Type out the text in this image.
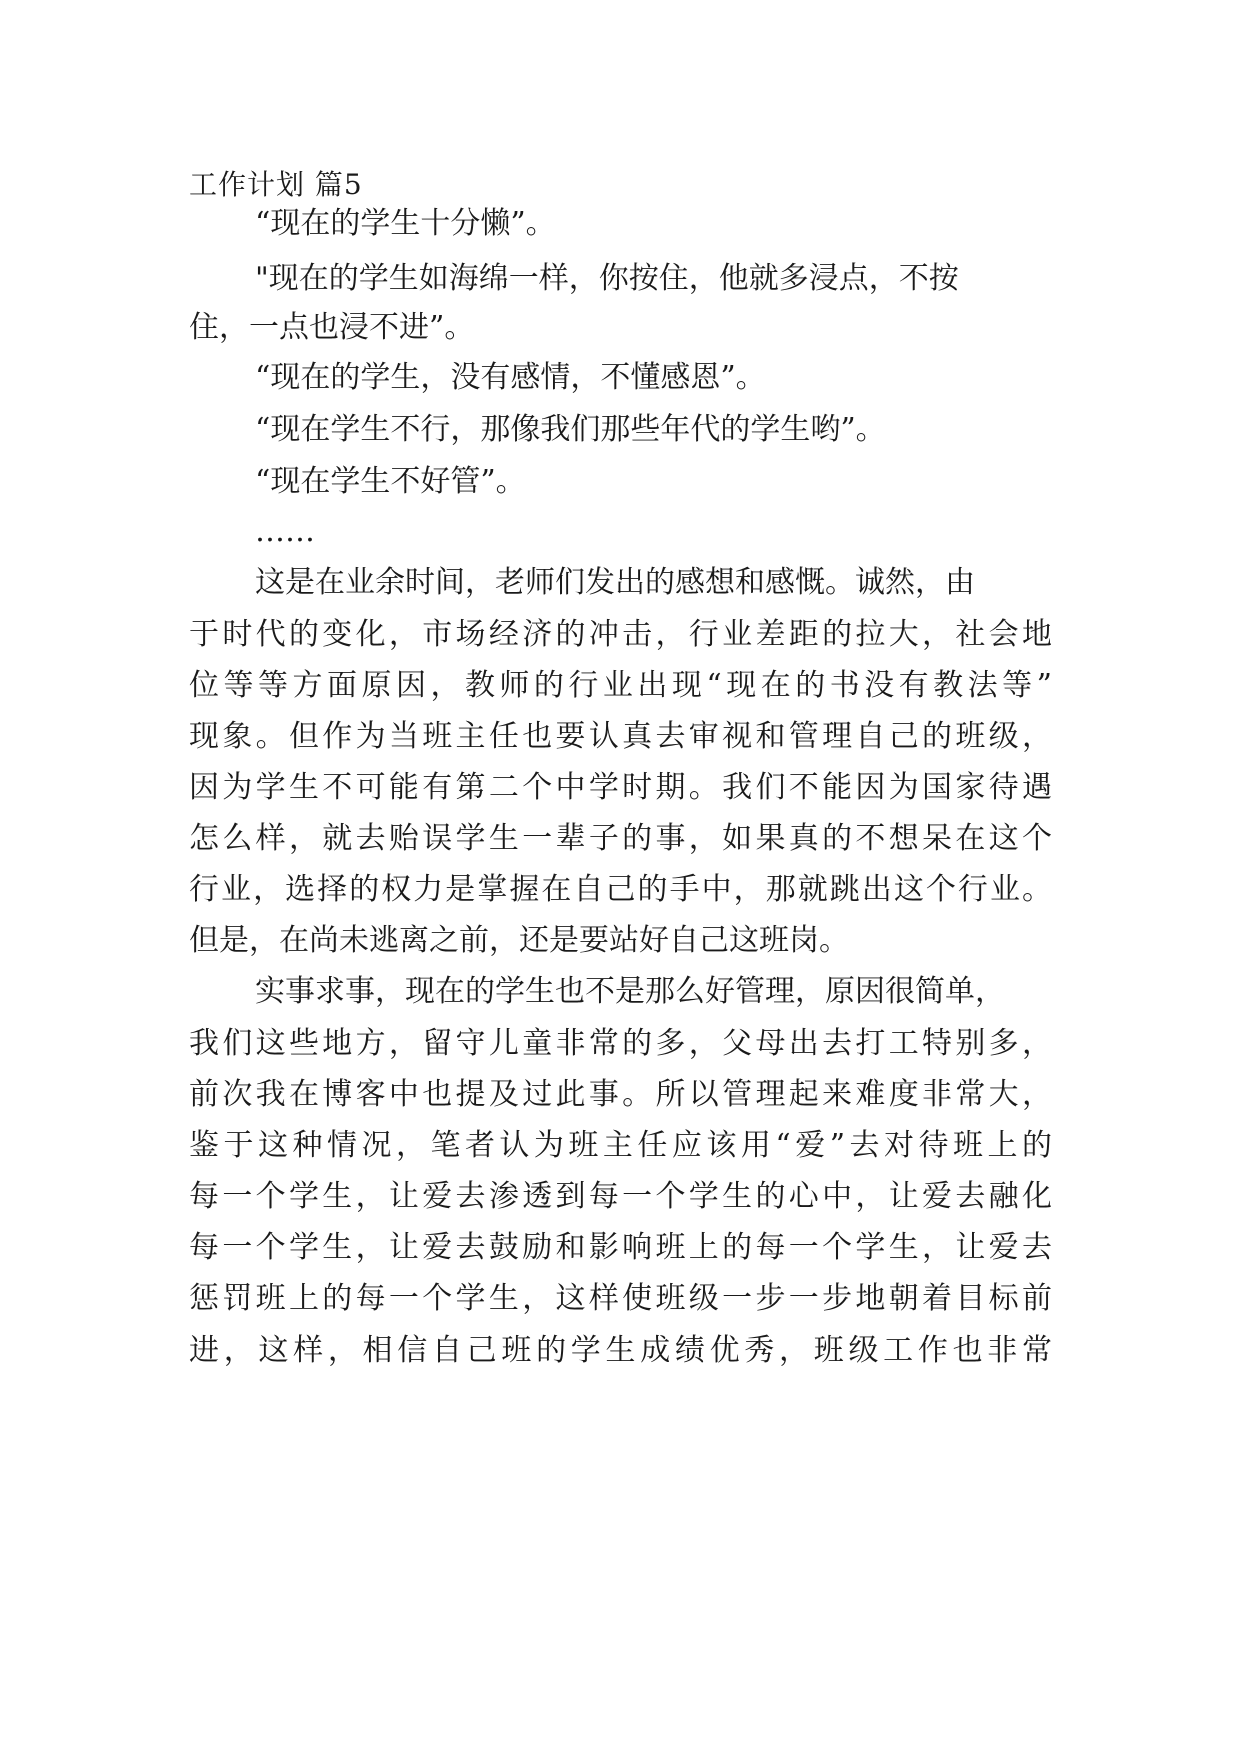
工作计划 篇5
“现在的学生十分懒”。
"现在的学生如海绵一样，你按住，他就多浸点，不按
住，一点也浸不进”。
“现在的学生，没有感情，不懂感恩”。
“现在学生不行，那像我们那些年代的学生哟”。
“现在学生不好管”。
……
这是在业余时间，老师们发出的感想和感慨。诚然，由
于时代的变化，市场经济的冲击，行业差距的拉大，社会地
位等等方面原因，教师的行业出现“现在的书没有教法等”
现象。但作为当班主任也要认真去审视和管理自己的班级，
因为学生不可能有第二个中学时期。我们不能因为国家待遇
怎么样，就去贻误学生一辈子的事，如果真的不想呆在这个
行业，选择的权力是掌握在自己的手中，那就跳出这个行业。
但是，在尚未逃离之前，还是要站好自己这班岗。
实事求事，现在的学生也不是那么好管理，原因很简单，
我们这些地方，留守儿童非常的多，父母出去打工特别多，
前次我在博客中也提及过此事。所以管理起来难度非常大，
鉴于这种情况，笔者认为班主任应该用“爱”去对待班上的
每一个学生，让爱去渗透到每一个学生的心中，让爱去融化
每一个学生，让爱去鼓励和影响班上的每一个学生，让爱去
惩罚班上的每一个学生，这样使班级一步一步地朝着目标前
进，这样，相信自己班的学生成绩优秀，班级工作也非常
